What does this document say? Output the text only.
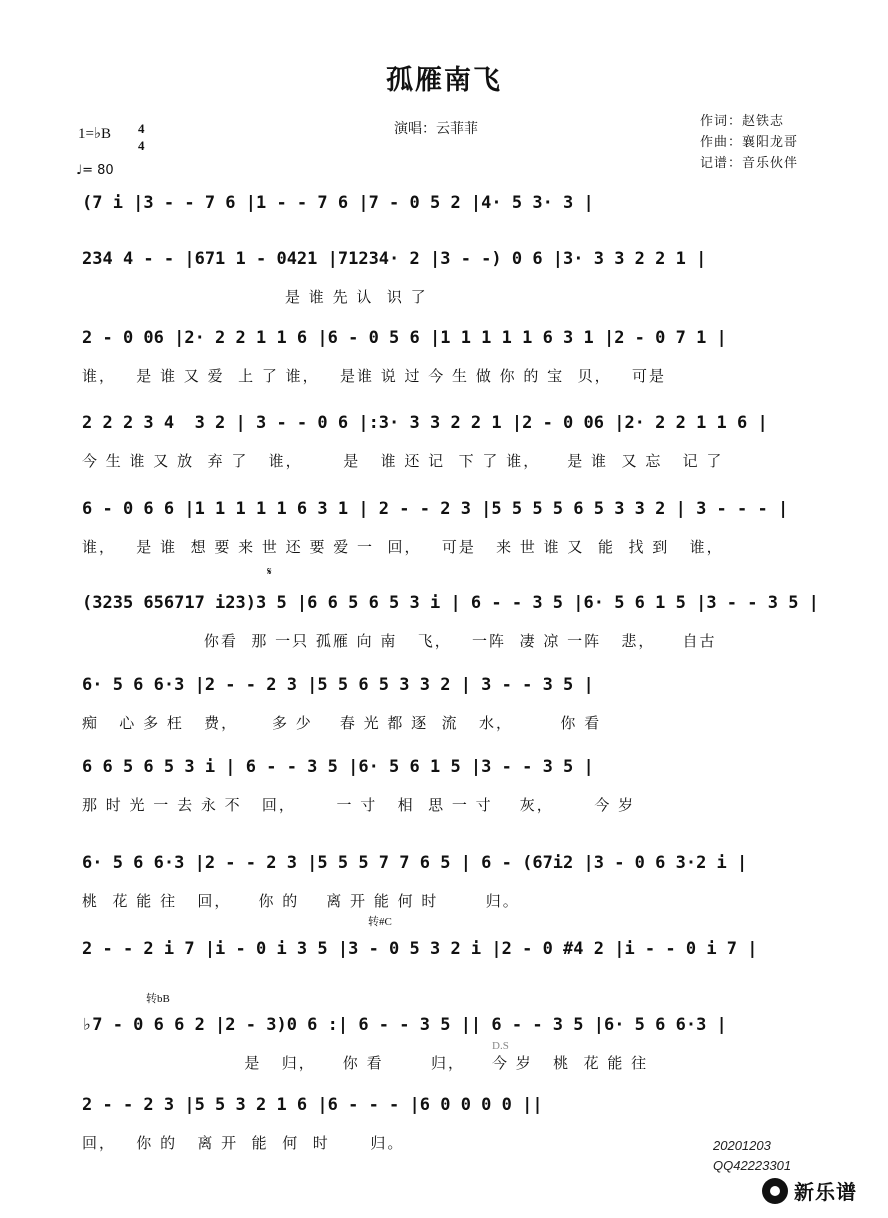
孤雁南飞
1=♭B 4
4
♩= 80
演唱：云菲菲	作词：赵铁志
作曲：襄阳龙哥
记谱：音乐伙伴
𝄋
转#C
转bB
D.S
(7 i |3 - - 7 6 |1 - - 7 6 |7 - 0 5 2 |4· 5 3· 3 |
234 4 - - |671 1 - 0421 |71234· 2 |3 - -) 0 6 |3· 3 3 2 2 1 |
是 谁 先 认  识 了
2 - 0 06 |2· 2 2 1 1 6 |6 - 0 5 6 |1 1 1 1 1 6 3 1 |2 - 0 7 1 |
谁，   是 谁 又 爱  上 了 谁，   是谁 说 过 今 生 做 你 的 宝  贝，   可是
2 2 2 3 4  3 2 | 3 - - 0 6 |:3· 3 3 2 2 1 |2 - 0 06 |2· 2 2 1 1 6 |
今 生 谁 又 放  弃 了   谁，      是   谁 还 记  下 了 谁，    是 谁  又 忘   记 了
6 - 0 6 6 |1 1 1 1 1 6 3 1 | 2 - - 2 3 |5 5 5 5 6 5 3 3 2 | 3 - - - |
谁，   是 谁  想 要 来 世 还 要 爱 一  回，   可是   来 世 谁 又  能  找 到   谁，
(3235 656717 i23)3 5 |6 6 5 6 5 3 i | 6 - - 3 5 |6· 5 6 1 5 |3 - - 3 5 |
你看  那 一只 孤雁 向 南   飞，   一阵  凄 凉 一阵   悲，    自古
6· 5 6 6·3 |2 - - 2 3 |5 5 6 5 3 3 2 | 3 - - 3 5 |
痴   心 多 枉   费，     多 少    春 光 都 逐  流   水，       你 看
6 6 5 6 5 3 i | 6 - - 3 5 |6· 5 6 1 5 |3 - - 3 5 |
那 时 光 一 去 永 不   回，      一 寸   相  思 一 寸    灰，      今 岁
6· 5 6 6·3 |2 - - 2 3 |5 5 5 7 7 6 5 | 6 - (67i2 |3 - 0 6 3·2 i |
桃  花 能 往   回，    你 的    离 开 能 何 时       归。
2 - - 2 i 7 |i - 0 i 3 5 |3 - 0 5 3 2 i |2 - 0 #4 2 |i - - 0 i 7 |
♭7 - 0 6 6 2 |2 - 3)0 6 :| 6 - - 3 5 || 6 - - 3 5 |6· 5 6 6·3 |
是   归，    你 看       归，    今 岁   桃  花 能 往
2 - - 2 3 |5 5 3 2 1 6 |6 - - - |6 0 0 0 0 ||
回，   你 的   离 开  能  何  时      归。	20201203
QQ42223301
新乐谱
